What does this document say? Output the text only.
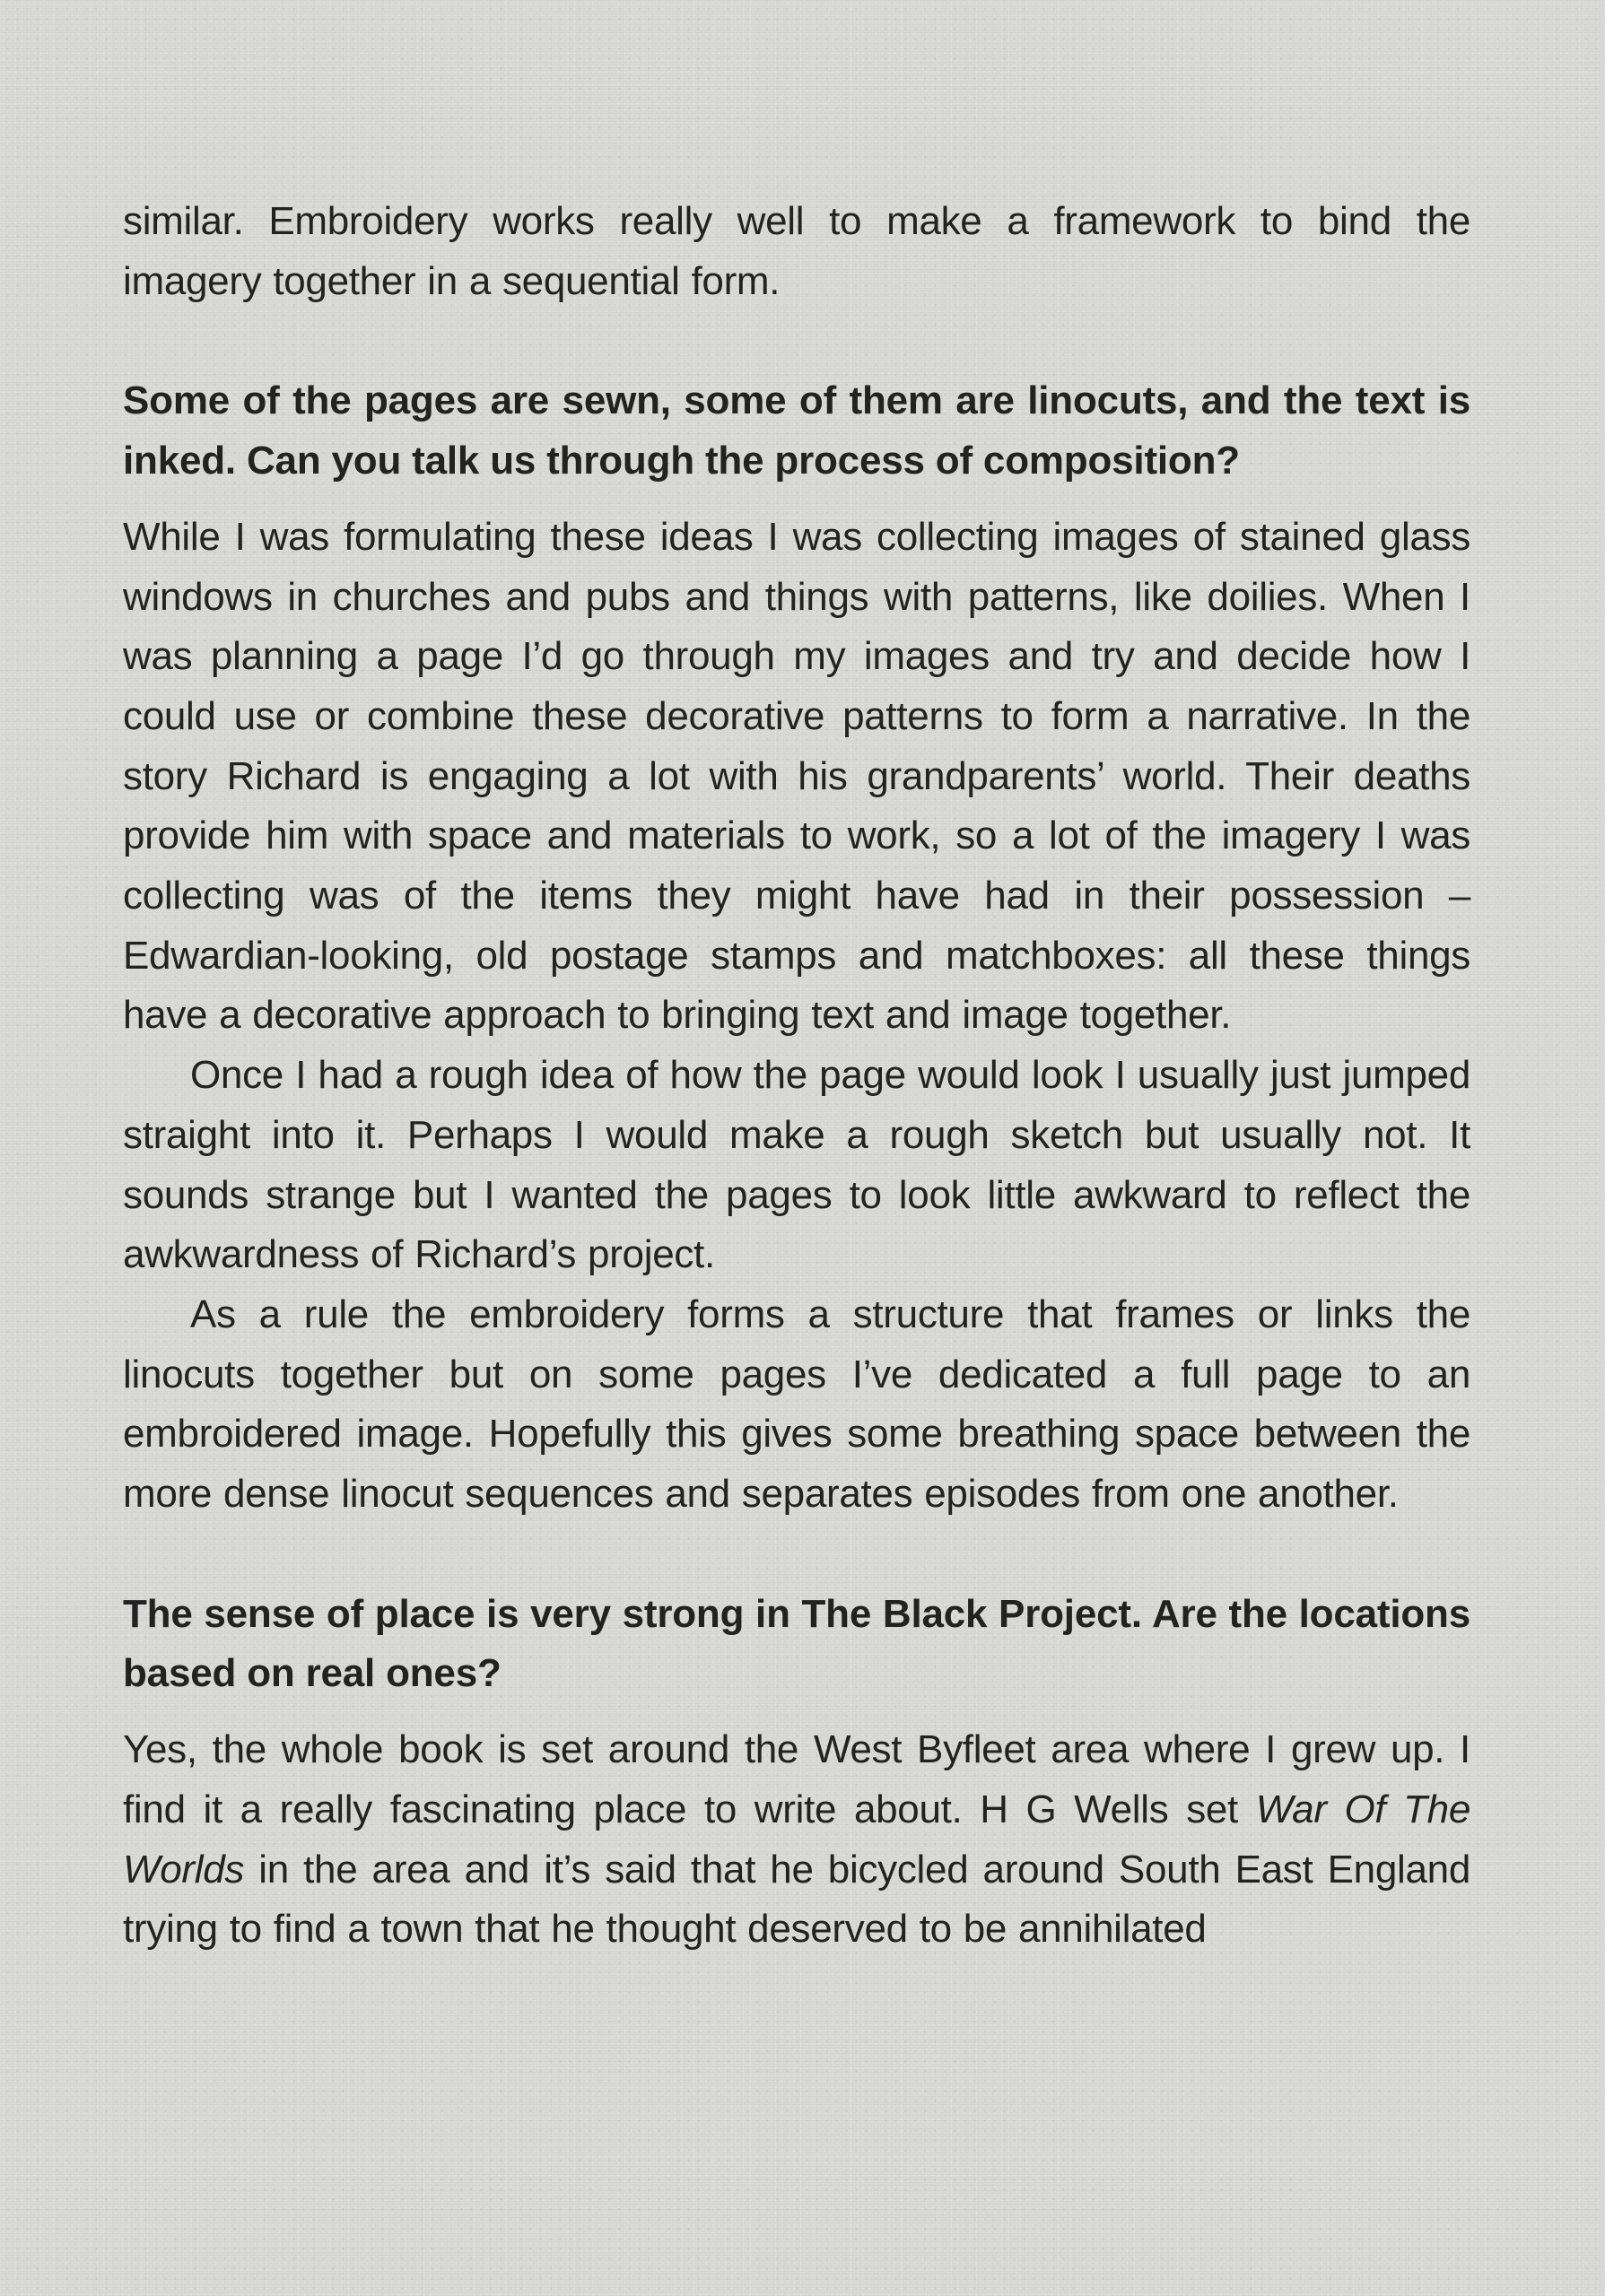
similar. Embroidery works really well to make a framework to bind the imagery together in a sequential form.

Some of the pages are sewn, some of them are linocuts, and the text is inked. Can you talk us through the process of composition?

While I was formulating these ideas I was collecting images of stained glass windows in churches and pubs and things with patterns, like doilies. When I was planning a page I’d go through my images and try and decide how I could use or combine these decorative patterns to form a narrative. In the story Richard is engaging a lot with his grandparents’ world. Their deaths provide him with space and materials to work, so a lot of the imagery I was collecting was of the items they might have had in their possession – Edwardian-looking, old postage stamps and matchboxes: all these things have a decorative approach to bringing text and image together.

Once I had a rough idea of how the page would look I usually just jumped straight into it. Perhaps I would make a rough sketch but usually not. It sounds strange but I wanted the pages to look little awkward to reflect the awkwardness of Richard’s project.

As a rule the embroidery forms a structure that frames or links the linocuts together but on some pages I’ve dedicated a full page to an embroidered image. Hopefully this gives some breathing space between the more dense linocut sequences and separates episodes from one another.

The sense of place is very strong in The Black Project. Are the locations based on real ones?

Yes, the whole book is set around the West Byfleet area where I grew up. I find it a really fascinating place to write about. H G Wells set War Of The Worlds in the area and it’s said that he bicycled around South East England trying to find a town that he thought deserved to be annihilated
